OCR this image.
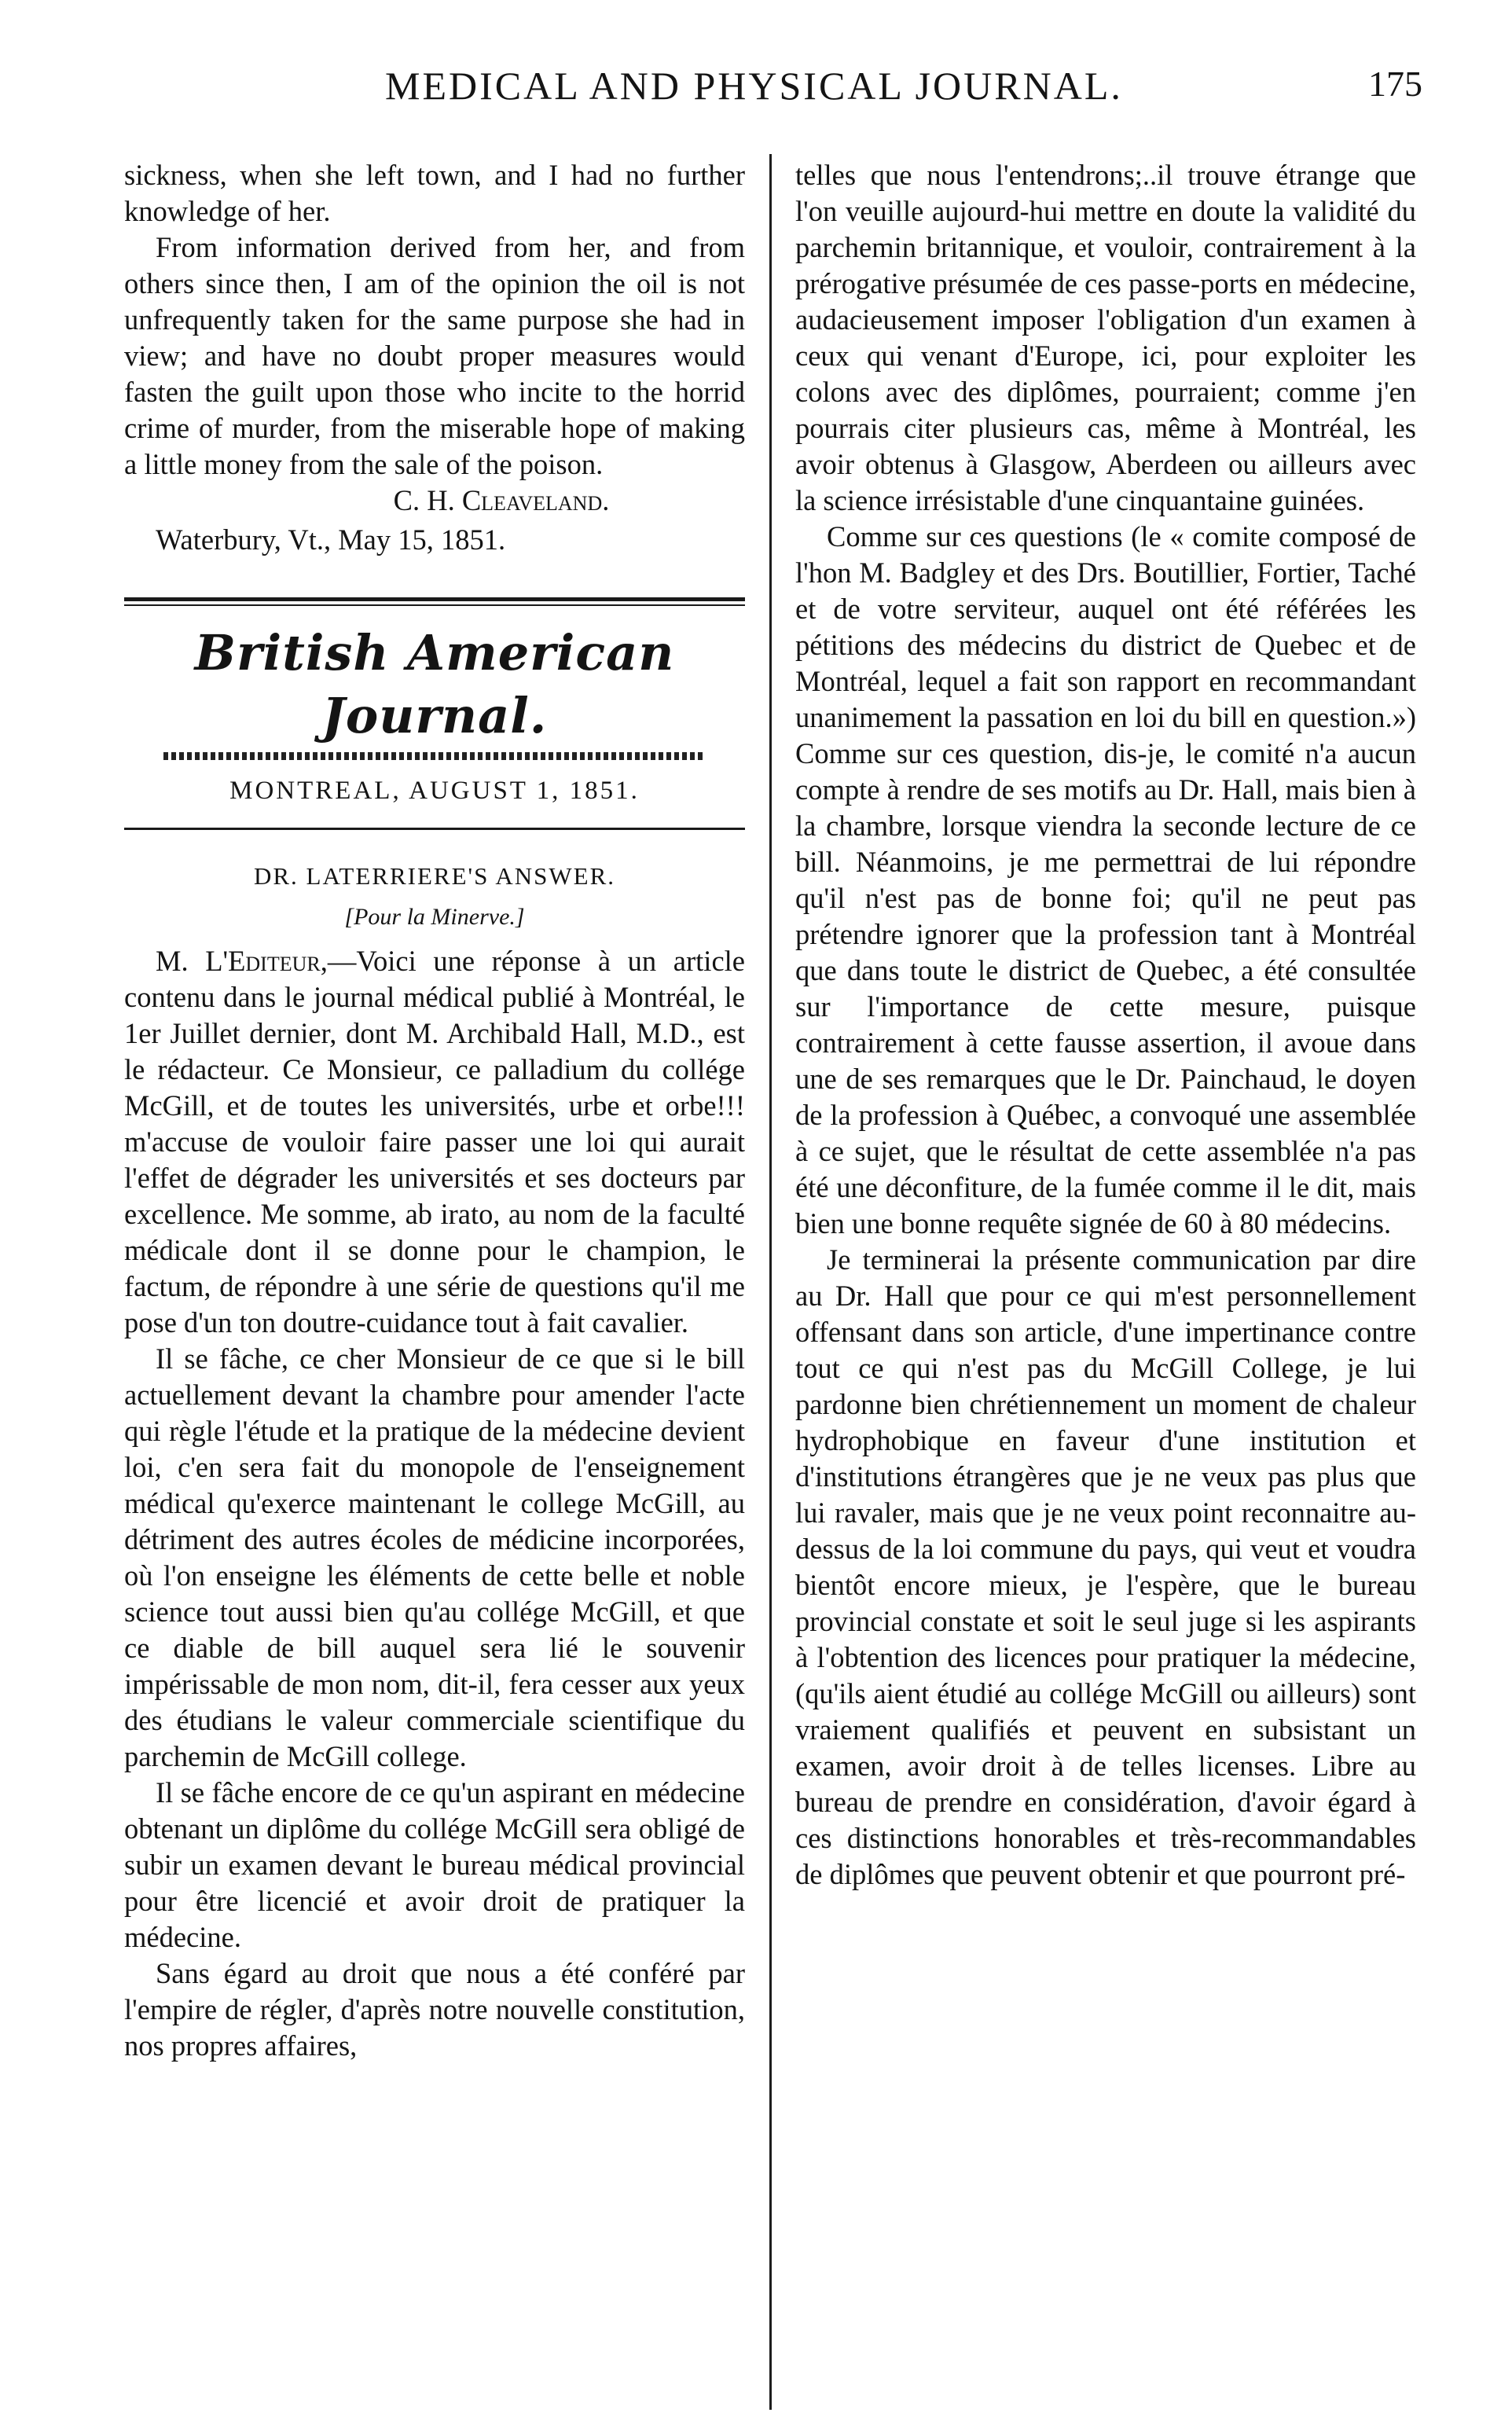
MEDICAL AND PHYSICAL JOURNAL.	175

sickness, when she left town, and I had no further knowledge of her.

From information derived from her, and from others since then, I am of the opinion the oil is not unfrequently taken for the same purpose she had in view; and have no doubt proper measures would fasten the guilt upon those who incite to the horrid crime of murder, from the miserable hope of making a little money from the sale of the poison.

C. H. Cleaveland.

Waterbury, Vt., May 15, 1851.

British American Journal.
MONTREAL, AUGUST 1, 1851.
DR. LATERRIERE'S ANSWER.
[Pour la Minerve.]

M. L'Editeur,—Voici une réponse à un article contenu dans le journal médical publié à Montréal, le 1er Juillet dernier, dont M. Archibald Hall, M.D., est le rédacteur. Ce Monsieur, ce palladium du collége McGill, et de toutes les universités, urbe et orbe!!! m'accuse de vouloir faire passer une loi qui aurait l'effet de dégrader les universités et ses docteurs par excellence. Me somme, ab irato, au nom de la faculté médicale dont il se donne pour le champion, le factum, de répondre à une série de questions qu'il me pose d'un ton doutre-cuidance tout à fait cavalier.

Il se fâche, ce cher Monsieur de ce que si le bill actuellement devant la chambre pour amender l'acte qui règle l'étude et la pratique de la médecine devient loi, c'en sera fait du monopole de l'enseignement médical qu'exerce maintenant le college McGill, au détriment des autres écoles de médicine incorporées, où l'on enseigne les éléments de cette belle et noble science tout aussi bien qu'au collége McGill, et que ce diable de bill auquel sera lié le souvenir impérissable de mon nom, dit-il, fera cesser aux yeux des étudians le valeur commerciale scientifique du parchemin de McGill college.

Il se fâche encore de ce qu'un aspirant en médecine obtenant un diplôme du collége McGill sera obligé de subir un examen devant le bureau médical provincial pour être licencié et avoir droit de pratiquer la médecine.

Sans égard au droit que nous a été conféré par l'empire de régler, d'après notre nouvelle constitution, nos propres affaires,

telles que nous l'entendrons;..il trouve étrange que l'on veuille aujourd-hui mettre en doute la validité du parchemin britannique, et vouloir, contrairement à la prérogative présumée de ces passe-ports en médecine, audacieusement imposer l'obligation d'un examen à ceux qui venant d'Europe, ici, pour exploiter les colons avec des diplômes, pourraient; comme j'en pourrais citer plusieurs cas, même à Montréal, les avoir obtenus à Glasgow, Aberdeen ou ailleurs avec la science irrésistable d'une cinquantaine guinées.

Comme sur ces questions (le « comite composé de l'hon M. Badgley et des Drs. Boutillier, Fortier, Taché et de votre serviteur, auquel ont été référées les pétitions des médecins du district de Quebec et de Montréal, lequel a fait son rapport en recommandant unanimement la passation en loi du bill en question.») Comme sur ces question, dis-je, le comité n'a aucun compte à rendre de ses motifs au Dr. Hall, mais bien à la chambre, lorsque viendra la seconde lecture de ce bill. Néanmoins, je me permettrai de lui répondre qu'il n'est pas de bonne foi; qu'il ne peut pas prétendre ignorer que la profession tant à Montréal que dans toute le district de Quebec, a été consultée sur l'importance de cette mesure, puisque contrairement à cette fausse assertion, il avoue dans une de ses remarques que le Dr. Painchaud, le doyen de la profession à Québec, a convoqué une assemblée à ce sujet, que le résultat de cette assemblée n'a pas été une déconfiture, de la fumée comme il le dit, mais bien une bonne requête signée de 60 à 80 médecins.

Je terminerai la présente communication par dire au Dr. Hall que pour ce qui m'est personnellement offensant dans son article, d'une impertinance contre tout ce qui n'est pas du McGill College, je lui pardonne bien chrétiennement un moment de chaleur hydrophobique en faveur d'une institution et d'institutions étrangères que je ne veux pas plus que lui ravaler, mais que je ne veux point reconnaitre au-dessus de la loi commune du pays, qui veut et voudra bientôt encore mieux, je l'espère, que le bureau provincial constate et soit le seul juge si les aspirants à l'obtention des licences pour pratiquer la médecine, (qu'ils aient étudié au collége McGill ou ailleurs) sont vraiement qualifiés et peuvent en subsistant un examen, avoir droit à de telles licenses. Libre au bureau de prendre en considération, d'avoir égard à ces distinctions honorables et très-recommandables de diplômes que peuvent obtenir et que pourront pré-
